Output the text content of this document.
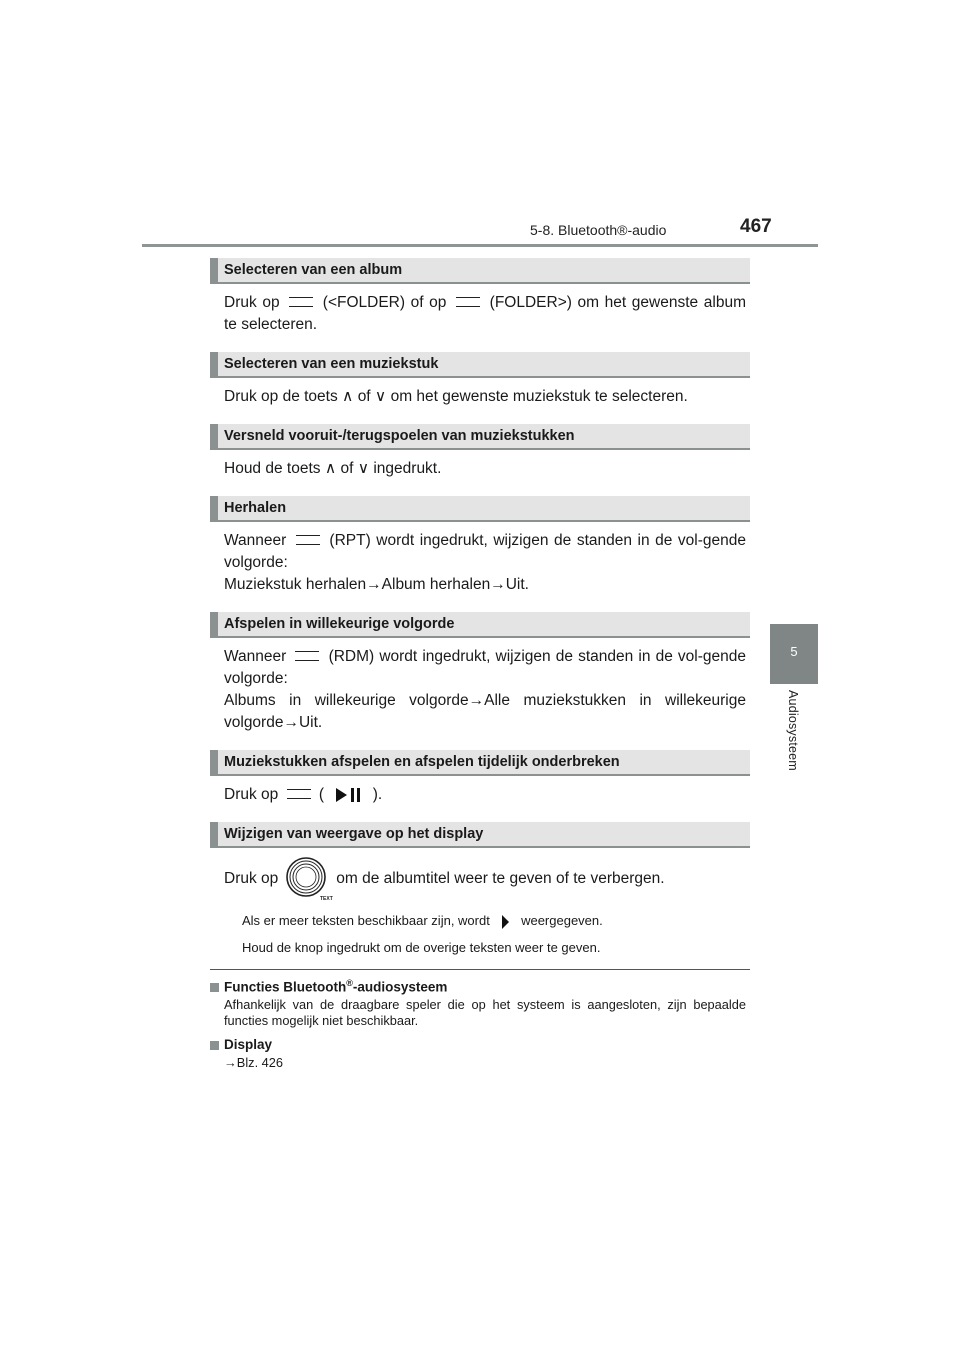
5-8. Bluetooth®-audio	467
5
Audiosysteem
Selecteren van een album

Druk op	(<FOLDER) of op	(FOLDER>) om het gewenste album te selecteren.

Selecteren van een muziekstuk

Druk op de toets ∧ of ∨ om het gewenste muziekstuk te selecteren.

Versneld vooruit-/terugspoelen van muziekstukken

Houd de toets ∧ of ∨ ingedrukt.

Herhalen

Wanneer	(RPT) wordt ingedrukt, wijzigen de standen in de vol-gende volgorde:

Muziekstuk herhalen→Album herhalen→Uit.

Afspelen in willekeurige volgorde

Wanneer	(RDM) wordt ingedrukt, wijzigen de standen in de vol-gende volgorde:

Albums in willekeurige volgorde→Alle muziekstukken in willekeurige volgorde→Uit.

Muziekstukken afspelen en afspelen tijdelijk onderbreken

Druk op	(	).

Wijzigen van weergave op het display
Druk op
TEXT
om de albumtitel weer te geven of te verbergen.

Als er meer teksten beschikbaar zijn, wordt weergegeven.

Houd de knop ingedrukt om de overige teksten weer te geven.

Functies Bluetooth®-audiosysteem

Afhankelijk van de draagbare speler die op het systeem is aangesloten, zijn bepaalde functies mogelijk niet beschikbaar.

Display

→Blz. 426
